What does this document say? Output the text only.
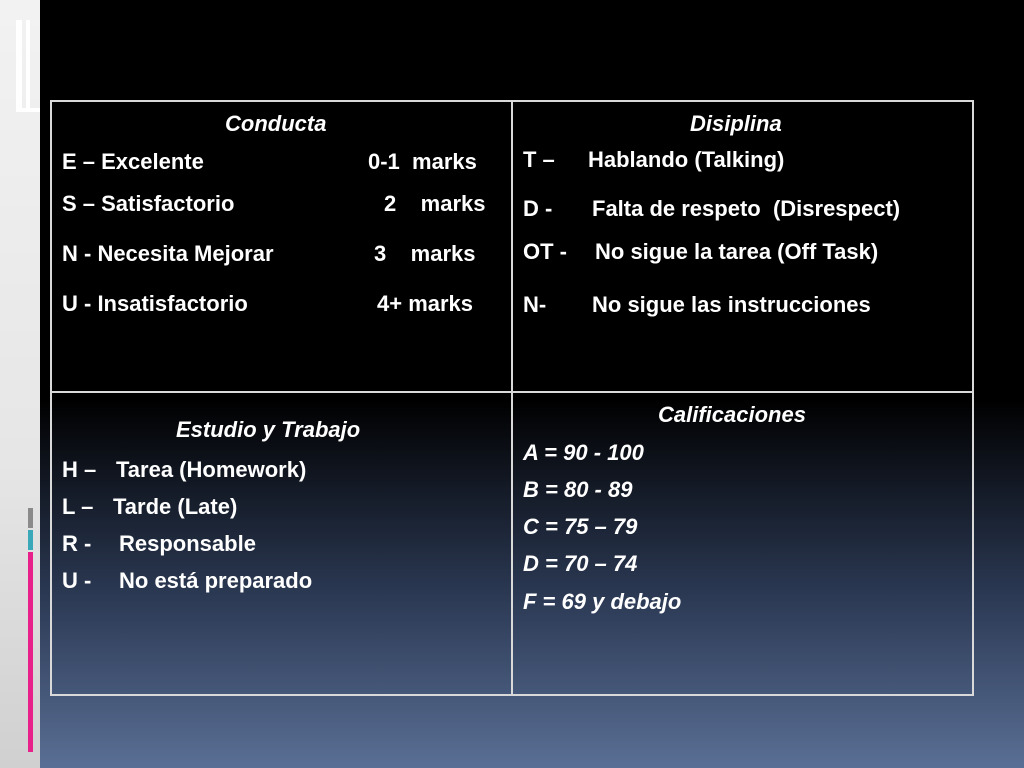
Conducta
E – Excelente	0-1  marks
S – Satisfactorio	2    marks
N - Necesita Mejorar	3    marks
U - Insatisfactorio	4+ marks
Disiplina
T – Hablando (Talking)
D - Falta de respeto  (Disrespect)
OT - No sigue la tarea (Off Task)
N- No sigue las instrucciones
Estudio y Trabajo
H – Tarea (Homework)
L – Tarde (Late)
R - Responsable
U - No está preparado
Calificaciones
A = 90 - 100
B = 80 - 89
C = 75 – 79
D = 70 – 74
F = 69 y debajo
